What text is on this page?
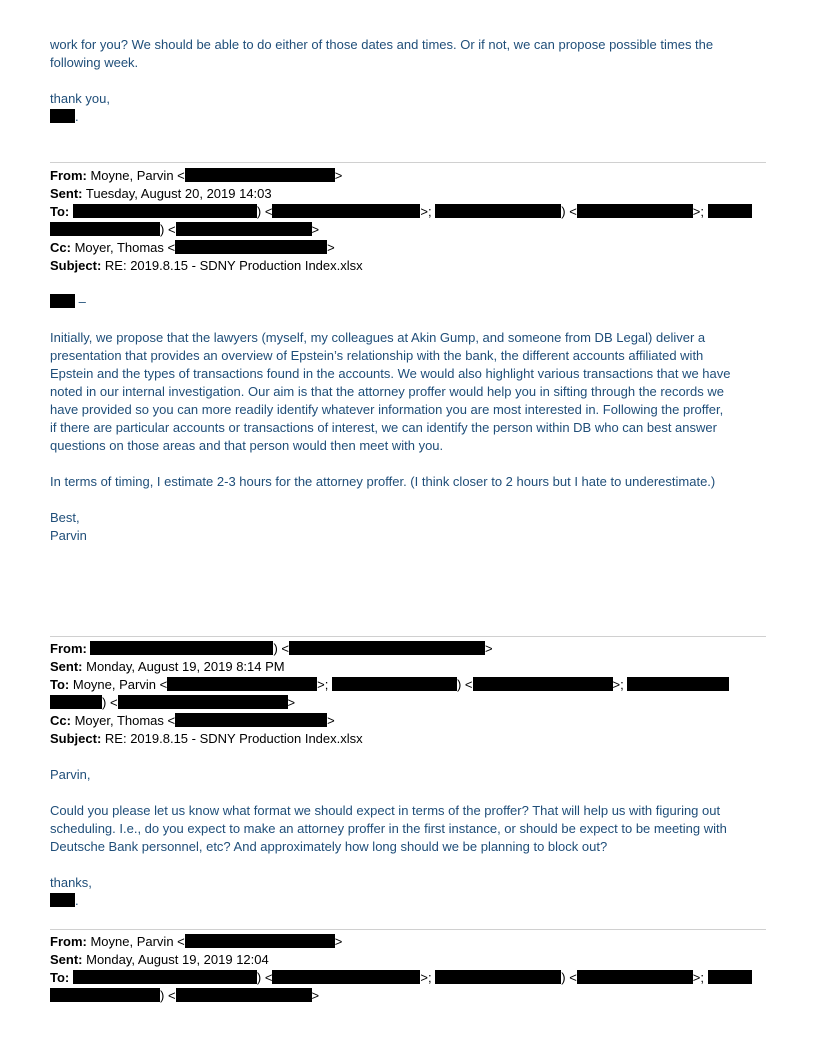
work for you? We should be able to do either of those dates and times. Or if not, we can propose possible times the
following week.
thank you,
.
From: Moyne, Parvin <	>
Sent: Tuesday, August 20, 2019 14:03
To:	) <	>;	) <	>;
) <	>
Cc: Moyer, Thomas <	>
Subject: RE: 2019.8.15 - SDNY Production Index.xlsx
–
Initially, we propose that the lawyers (myself, my colleagues at Akin Gump, and someone from DB Legal) deliver a
presentation that provides an overview of Epstein’s relationship with the bank, the different accounts affiliated with
Epstein and the types of transactions found in the accounts. We would also highlight various transactions that we have
noted in our internal investigation. Our aim is that the attorney proffer would help you in sifting through the records we
have provided so you can more readily identify whatever information you are most interested in. Following the proffer,
if there are particular accounts or transactions of interest, we can identify the person within DB who can best answer
questions on those areas and that person would then meet with you.
In terms of timing, I estimate 2-3 hours for the attorney proffer. (I think closer to 2 hours but I hate to underestimate.)
Best,
Parvin
From:	) <	>
Sent: Monday, August 19, 2019 8:14 PM
To: Moyne, Parvin <	>;	) <	>;
) <	>
Cc: Moyer, Thomas <	>
Subject: RE: 2019.8.15 - SDNY Production Index.xlsx
Parvin,
Could you please let us know what format we should expect in terms of the proffer? That will help us with figuring out
scheduling. I.e., do you expect to make an attorney proffer in the first instance, or should be expect to be meeting with
Deutsche Bank personnel, etc? And approximately how long should we be planning to block out?
thanks,
.
From: Moyne, Parvin <	>
Sent: Monday, August 19, 2019 12:04
To:	) <	>;	) <	>;
) <	>
